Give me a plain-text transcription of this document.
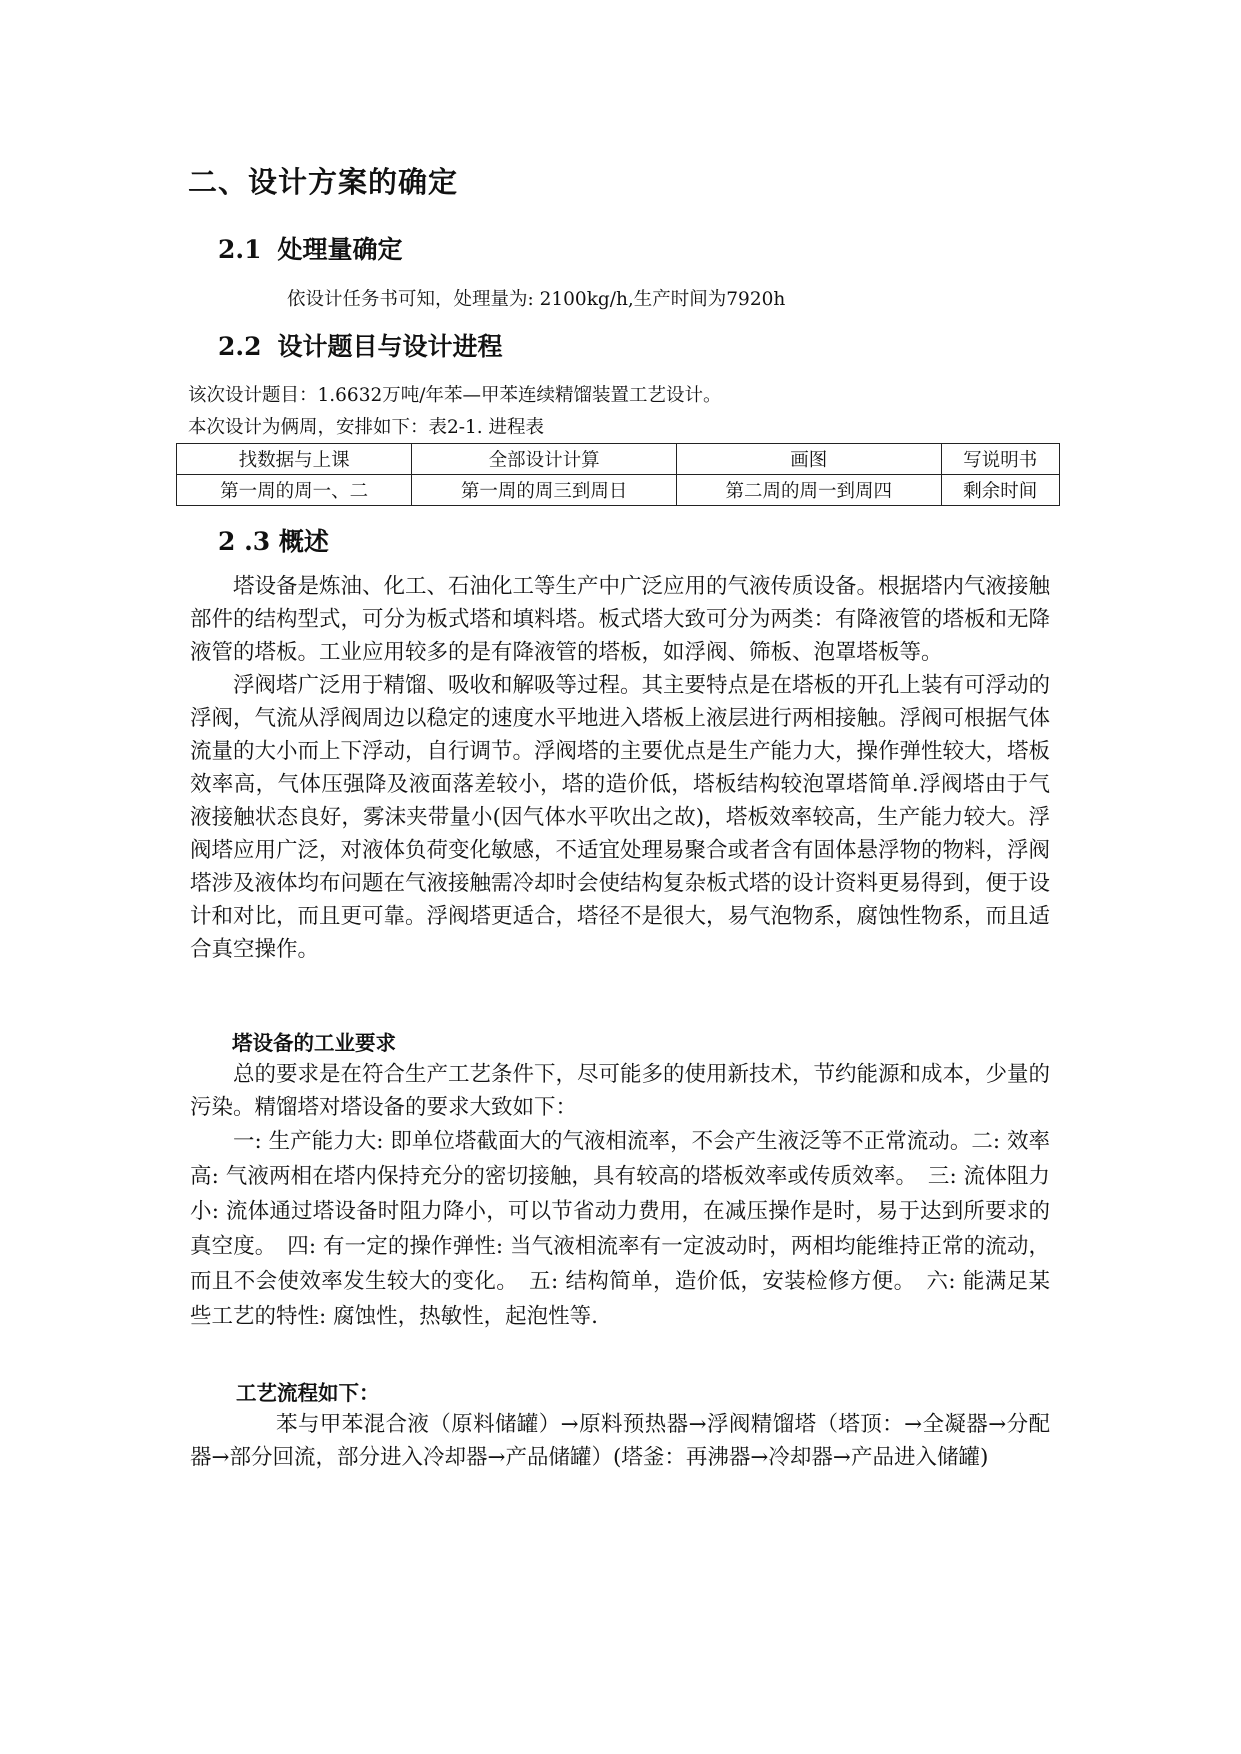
二、设计方案的确定
2.1 处理量确定
依设计任务书可知，处理量为: 2100kg/h,生产时间为7920h
2.2 设计题目与设计进程
该次设计题目：1.6632万吨/年苯—甲苯连续精馏装置工艺设计。
本次设计为俩周，安排如下：表2-1. 进程表
找数据与上课	全部设计计算	画图	写说明书
第一周的周一、二	第一周的周三到周日	第二周的周一到周四	剩余时间
2 .3 概述

塔设备是炼油、化工、石油化工等生产中广泛应用的气液传质设备。根据塔内气液接触部件的结构型式，可分为板式塔和填料塔。板式塔大致可分为两类：有降液管的塔板和无降液管的塔板。工业应用较多的是有降液管的塔板，如浮阀、筛板、泡罩塔板等。

浮阀塔广泛用于精馏、吸收和解吸等过程。其主要特点是在塔板的开孔上装有可浮动的浮阀，气流从浮阀周边以稳定的速度水平地进入塔板上液层进行两相接触。浮阀可根据气体流量的大小而上下浮动，自行调节。浮阀塔的主要优点是生产能力大，操作弹性较大，塔板效率高，气体压强降及液面落差较小，塔的造价低，塔板结构较泡罩塔简单.浮阀塔由于气液接触状态良好，雾沫夹带量小(因气体水平吹出之故)，塔板效率较高，生产能力较大。浮阀塔应用广泛，对液体负荷变化敏感，不适宜处理易聚合或者含有固体悬浮物的物料，浮阀塔涉及液体均布问题在气液接触需冷却时会使结构复杂板式塔的设计资料更易得到，便于设计和对比，而且更可靠。浮阀塔更适合，塔径不是很大，易气泡物系，腐蚀性物系，而且适合真空操作。

塔设备的工业要求

总的要求是在符合生产工艺条件下，尽可能多的使用新技术，节约能源和成本，少量的污染。精馏塔对塔设备的要求大致如下：

一: 生产能力大: 即单位塔截面大的气液相流率，不会产生液泛等不正常流动。二: 效率高: 气液两相在塔内保持充分的密切接触，具有较高的塔板效率或传质效率。　三: 流体阻力小: 流体通过塔设备时阻力降小，可以节省动力费用，在减压操作是时，易于达到所要求的真空度。　四: 有一定的操作弹性: 当气液相流率有一定波动时，两相均能维持正常的流动，而且不会使效率发生较大的变化。　五: 结构简单，造价低，安装检修方便。　六: 能满足某些工艺的特性: 腐蚀性，热敏性，起泡性等.

工艺流程如下：

苯与甲苯混合液（原料储罐）→原料预热器→浮阀精馏塔（塔顶：→全凝器→分配器→部分回流，部分进入冷却器→产品储罐）(塔釜：再沸器→冷却器→产品进入储罐)
